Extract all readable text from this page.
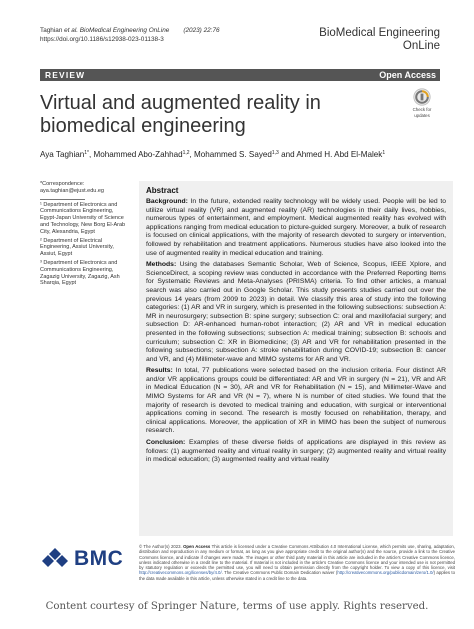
Taghian et al. BioMedical Engineering OnLine (2023) 22:76
https://doi.org/10.1186/s12938-023-01138-3	BioMedical Engineering
OnLine
REVIEW	Open Access
Check for
updates
Virtual and augmented reality in biomedical engineering
Aya Taghian$^{1*}$, Mohammed Abo‑Zahhad$^{1,2}$, Mohammed S. Sayed$^{1,3}$ and Ahmed H. Abd El‑Malek$^1$
*Correspondence:
aya.taghian@ejust.edu.eg
¹ Department of Electronics and Communications Engineering, Egypt-Japan University of Science and Technology, New Borg El-Arab City, Alexandria, Egypt
² Department of Electrical Engineering, Assiut University, Assiut, Egypt
³ Department of Electronics and Communications Engineering, Zagazig University, Zagazig, Ash Sharqia, Egypt
Abstract

Background: In the future, extended reality technology will be widely used. People will be led to utilize virtual reality (VR) and augmented reality (AR) technologies in their daily lives, hobbies, numerous types of entertainment, and employment. Medical augmented reality has evolved with applications ranging from medical education to picture-guided surgery. Moreover, a bulk of research is focused on clinical applications, with the majority of research devoted to surgery or intervention, followed by rehabilitation and treatment applications. Numerous studies have also looked into the use of augmented reality in medical education and training.

Methods: Using the databases Semantic Scholar, Web of Science, Scopus, IEEE Xplore, and ScienceDirect, a scoping review was conducted in accordance with the Preferred Reporting Items for Systematic Reviews and Meta-Analyses (PRISMA) criteria. To find other articles, a manual search was also carried out in Google Scholar. This study presents studies carried out over the previous 14 years (from 2009 to 2023) in detail. We classify this area of study into the following categories: (1) AR and VR in surgery, which is presented in the following subsections: subsection A: MR in neurosurgery; subsection B: spine surgery; subsection C: oral and maxillofacial surgery; and subsection D: AR-enhanced human-robot interaction; (2) AR and VR in medical education presented in the following subsections; subsection A: medical training; subsection B: schools and curriculum; subsection C: XR in Biomedicine; (3) AR and VR for rehabilitation presented in the following subsections; subsection A: stroke rehabilitation during COVID-19; subsection B: cancer and VR, and (4) Millimeter-wave and MIMO systems for AR and VR.

Results: In total, 77 publications were selected based on the inclusion criteria. Four distinct AR and/or VR applications groups could be differentiated: AR and VR in surgery (N = 21), VR and AR in Medical Education (N = 30), AR and VR for Rehabilitation (N = 15), and Millimeter-Wave and MIMO Systems for AR and VR (N = 7), where N is number of cited studies. We found that the majority of research is devoted to medical training and education, with surgical or interventional applications coming in second. The research is mostly focused on rehabilitation, therapy, and clinical applications. Moreover, the application of XR in MIMO has been the subject of numerous research.

Conclusion: Examples of these diverse fields of applications are displayed in this review as follows: (1) augmented reality and virtual reality in surgery; (2) augmented reality and virtual reality in medical education; (3) augmented reality and virtual reality

BMC
© The Author(s) 2023. Open Access This article is licensed under a Creative Commons Attribution 4.0 International License, which permits use, sharing, adaptation, distribution and reproduction in any medium or format, as long as you give appropriate credit to the original author(s) and the source, provide a link to the Creative Commons licence, and indicate if changes were made. The images or other third party material in this article are included in the article's Creative Commons licence, unless indicated otherwise in a credit line to the material. If material is not included in the article's Creative Commons licence and your intended use is not permitted by statutory regulation or exceeds the permitted use, you will need to obtain permission directly from the copyright holder. To view a copy of this licence, visit http://creativecommons.org/licenses/by/4.0/. The Creative Commons Public Domain Dedication waiver (http://creativecommons.org/publicdomain/zero/1.0/) applies to the data made available in this article, unless otherwise stated in a credit line to the data.
Content courtesy of Springer Nature, terms of use apply. Rights reserved.
